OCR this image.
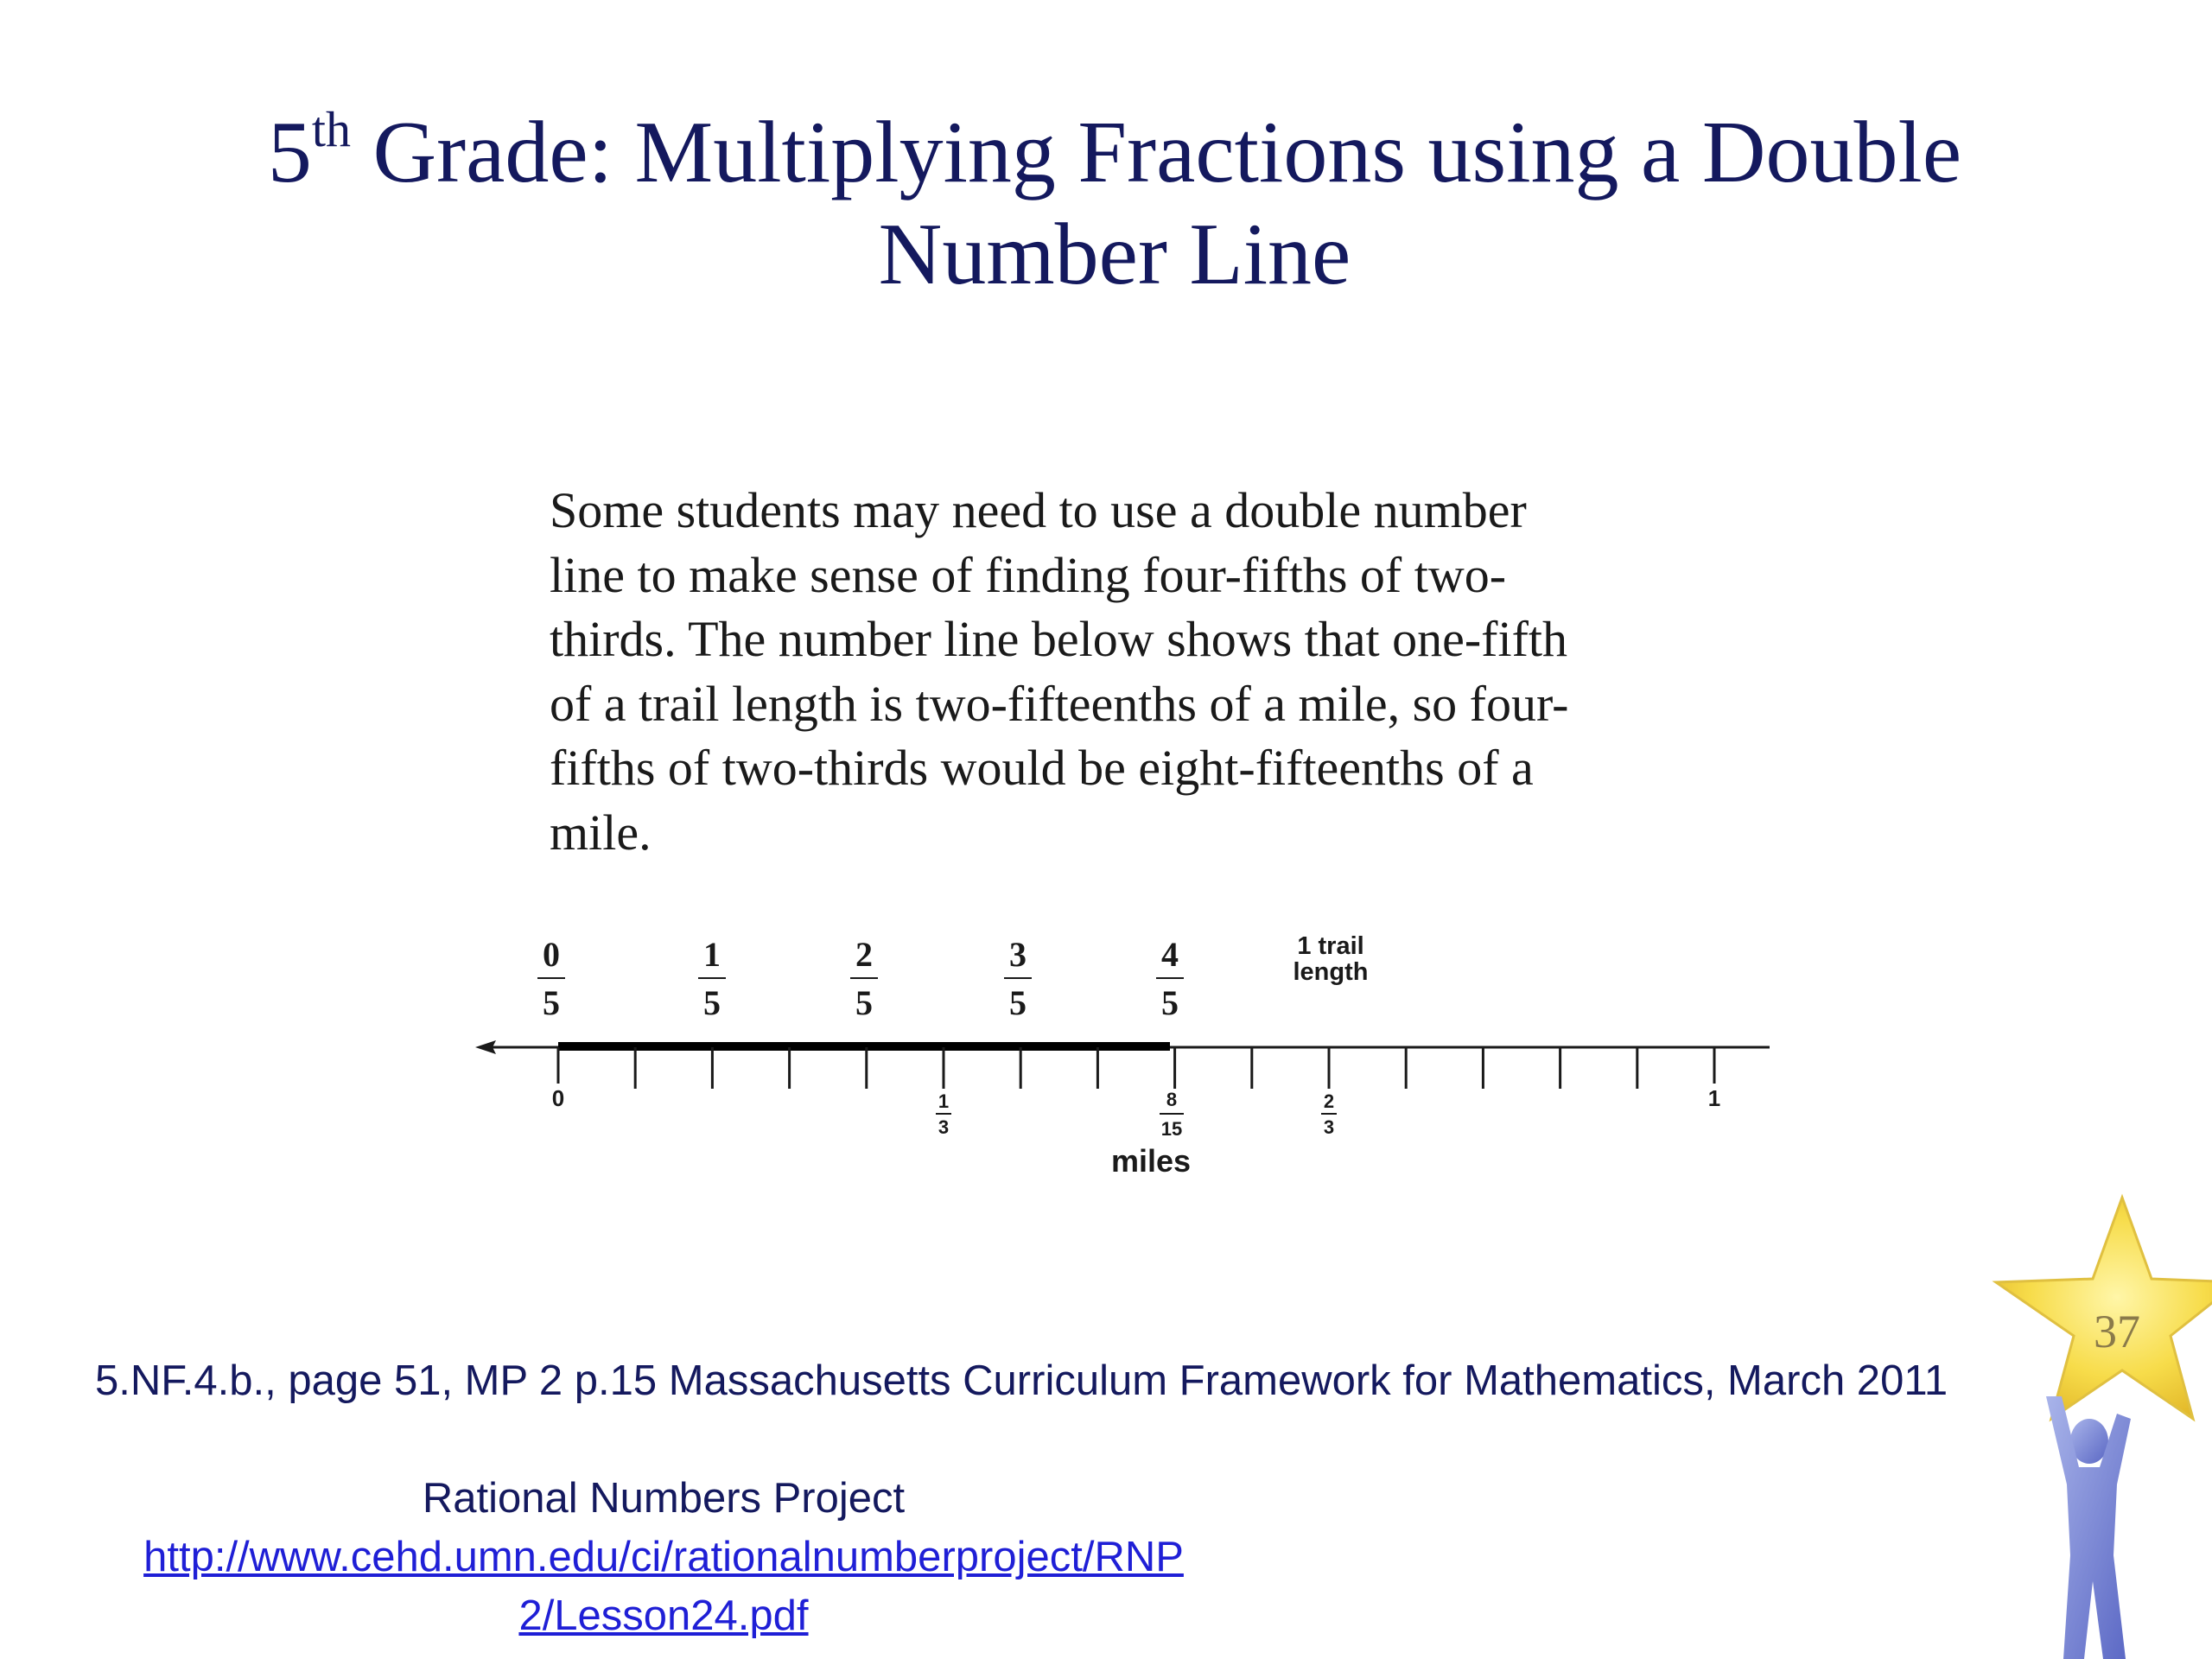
5th Grade: Multiplying Fractions using a Double
Number Line
Some students may need to use a double number
line to make sense of finding four-fifths of two-
thirds. The number line below shows that one-fifth
of a trail length is two-fifteenths of a mile, so four-
fifths of two-thirds would be eight-fifteenths of a
mile.
0
5
1
5
2
5
3
5
4
5
1 trail
length
0	1
3
8
15
2
3
1
miles
5.NF.4.b., page 51, MP 2 p.15 Massachusetts Curriculum Framework for Mathematics, March 2011
Rational Numbers Project
http://www.cehd.umn.edu/ci/rationalnumberproject/RNP
2/Lesson24.pdf
37
